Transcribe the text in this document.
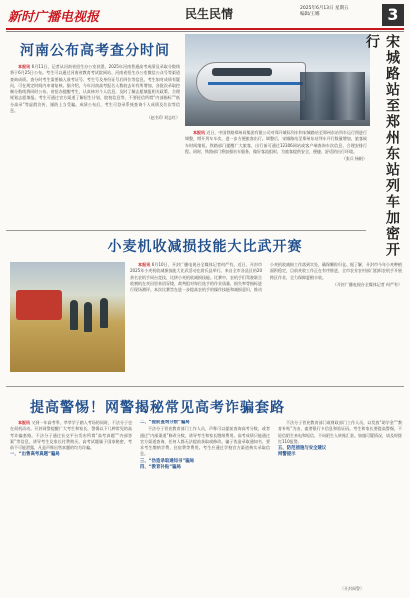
新时广播电视报	民生民情	2025年6月13日 星期五
编辑/王娜	3
河南公布高考查分时间

本报讯 6月11日，记者从河南省招生办公室获悉，2025年河南普通高考成绩及录取分数线将于6月25日公布。考生可以通过河南省教育考试院网站、河南省招生办公室微信公众号等渠道查询成绩。查分时考生需要输入准考证号、考生号及身份证号后四位等信息。考生如对成绩有疑问，可在规定时间内申请复核。据介绍，今年河南高考报名人数较去年有所增加，各批次录取控制分数线将同时公布。省招办提醒考生，认真核对个人信息，及时了解志愿填报相关政策，合理规划志愿填报。考生可通过官方渠道了解招生计划、院校信息等，不要轻信所谓“内部指标”“低分高录”等虚假宣传，谨防上当受骗。成绩公布后，考生可登录系统查询个人成绩及位次等信息。

（赵书印 刘志红）	宋城路站至郑州东站列车加密开行

本报讯 近日，中国铁路郑州局集团有限公司对郑开城际列车和宋城路站至郑州东站列车运行图进行调整，增开列车车次，进一步方便旅客出行。调整后，宋城路站至郑州东站列车开行数量增加，旅客候车时间缩短。铁路部门提醒广大旅客，出行前可通过12306网站或客户端查询车次信息，合理安排行程。同时，铁路部门将加强站车服务，做好客流组织，为旅客提供安全、便捷、舒适的出行环境。

（张兵 杨帆）

小麦机收减损技能大比武开赛

本报讯 6月10日，开封广播电视台全媒体记者何严有。近日，开封市2025年小麦机收减损技能大比武活动在尉氏县举行。来自全市各县区的20余名农机手同台竞技，比拼小麦机收减损技能。比赛中，农机手们驾驶联合收割机在麦田里来回穿梭，裁判组对每位选手的作业质量、损失率等指标进行现场测评。本次比赛旨在进一步提高农机手的操作技能和减损意识，推动小麦机收减损工作落到实处，确保颗粒归仓。据了解，开封市今年小麦种植面积稳定，目前麦收工作正在有序推进，全市农业农村部门组织农机手开展跨区作业，全力保障夏粮丰收。

（开封广播电视台全媒体记者 何严有）

提高警惕！网警揭秘常见高考诈骗套路

本报讯 又到一年高考季，莘莘学子踏入考场的同时，不法分子也在伺机而动。开封网警提醒广大考生和家长，警惕以下几种常见的高考诈骗套路。不法分子通过社交平台发布所谓“高考真题”“内部答案”等信息，诱导考生及家长付费购买。高考试题属于国家秘密，考前不可能泄露，凡是声称出售真题的均为诈骗。

一、“出售高考真题”骗局
二、“提前查询分数”骗局

不法分子冒充教育部门工作人员，声称可以提前查询高考分数，或者通过“内部渠道”修改分数，诱导考生和家长缴纳费用。高考成绩只能通过官方渠道查询，任何人都无法提前获取或修改。骗子伪造录取通知书，要求考生缴纳学费、住宿费等费用。考生应通过学校官方渠道核实录取信息。

三、“伪造录取通知书”骗局
四、“教育补贴”骗局

不法分子冒充教育部门或财政部门工作人员，以发放“助学金”“教育补贴”为由，索要银行卡信息和验证码。考生和家长要提高警惕，不轻信陌生来电和短信，不向陌生人转账汇款。如遇可疑情况，请及时拨打110报警。

五、防范措施与安全建议
网警提示
（开封网警）
